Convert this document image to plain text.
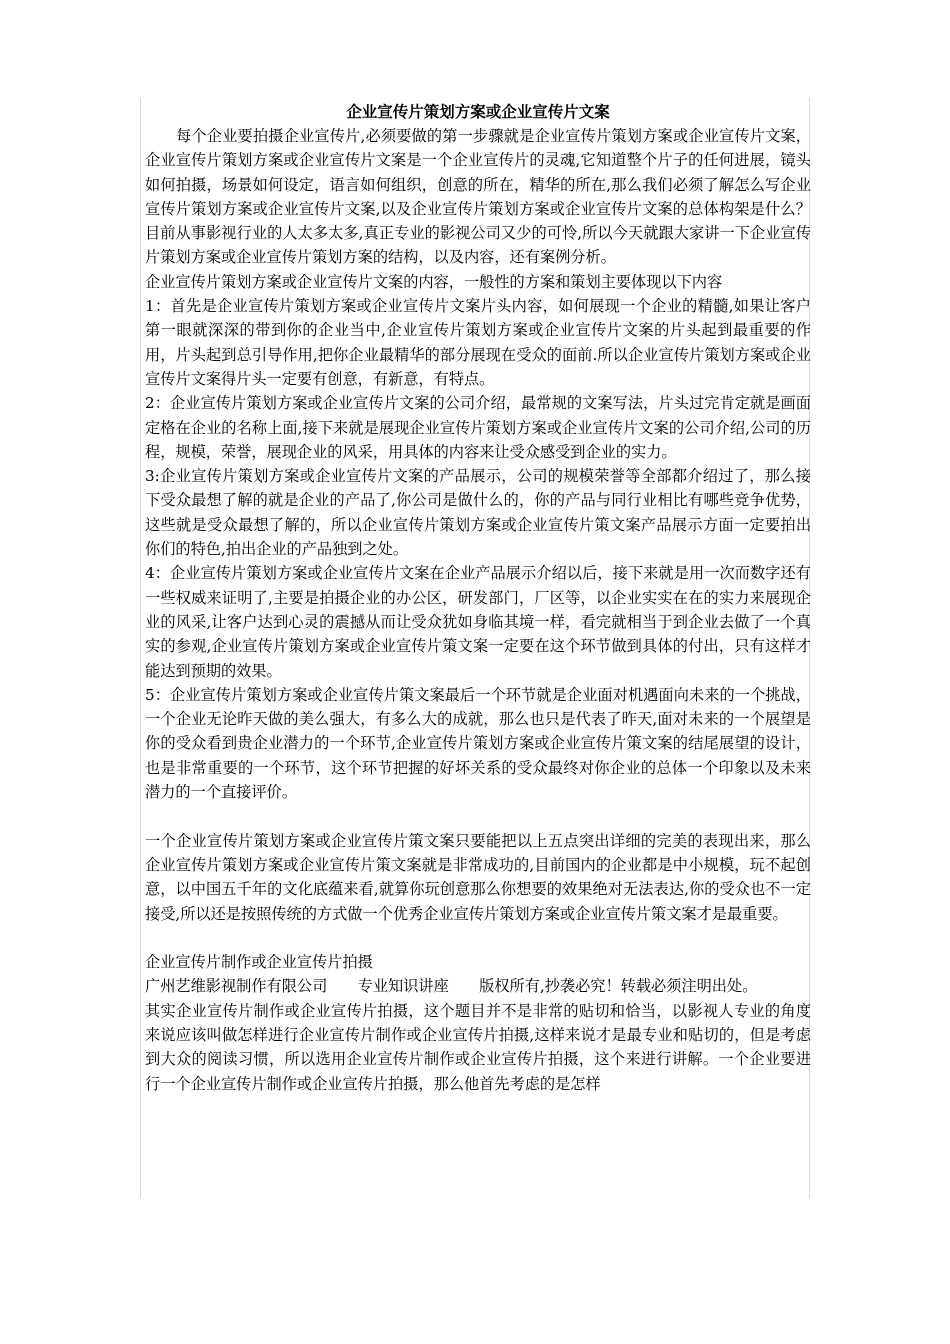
企业宣传片策划方案或企业宣传片文案

每个企业要拍摄企业宣传片,必须要做的第一步骤就是企业宣传片策划方案或企业宣传片文案，企业宣传片策划方案或企业宣传片文案是一个企业宣传片的灵魂,它知道整个片子的任何进展，镜头如何拍摄，场景如何设定，语言如何组织，创意的所在，精华的所在,那么我们必须了解怎么写企业宣传片策划方案或企业宣传片文案,以及企业宣传片策划方案或企业宣传片文案的总体构架是什么？目前从事影视行业的人太多太多,真正专业的影视公司又少的可怜,所以今天就跟大家讲一下企业宣传片策划方案或企业宣传片策划方案的结构，以及内容，还有案例分析。

企业宣传片策划方案或企业宣传片文案的内容，一般性的方案和策划主要体现以下内容

1：首先是企业宣传片策划方案或企业宣传片文案片头内容，如何展现一个企业的精髓,如果让客户第一眼就深深的带到你的企业当中,企业宣传片策划方案或企业宣传片文案的片头起到最重要的作用，片头起到总引导作用,把你企业最精华的部分展现在受众的面前.所以企业宣传片策划方案或企业宣传片文案得片头一定要有创意，有新意，有特点。

2：企业宣传片策划方案或企业宣传片文案的公司介绍，最常规的文案写法，片头过完肯定就是画面定格在企业的名称上面,接下来就是展现企业宣传片策划方案或企业宣传片文案的公司介绍,公司的历程，规模，荣誉，展现企业的风采，用具体的内容来让受众感受到企业的实力。

3:企业宣传片策划方案或企业宣传片文案的产品展示，公司的规模荣誉等全部都介绍过了，那么接下受众最想了解的就是企业的产品了,你公司是做什么的，你的产品与同行业相比有哪些竞争优势，这些就是受众最想了解的，所以企业宣传片策划方案或企业宣传片策文案产品展示方面一定要拍出你们的特色,拍出企业的产品独到之处。

4：企业宣传片策划方案或企业宣传片文案在企业产品展示介绍以后，接下来就是用一次而数字还有一些权威来证明了,主要是拍摄企业的办公区，研发部门，厂区等，以企业实实在在的实力来展现企业的风采,让客户达到心灵的震撼从而让受众犹如身临其境一样，看完就相当于到企业去做了一个真实的参观,企业宣传片策划方案或企业宣传片策文案一定要在这个环节做到具体的付出，只有这样才能达到预期的效果。

5：企业宣传片策划方案或企业宣传片策文案最后一个环节就是企业面对机遇面向未来的一个挑战，一个企业无论昨天做的美么强大，有多么大的成就，那么也只是代表了昨天,面对未来的一个展望是你的受众看到贵企业潜力的一个环节,企业宣传片策划方案或企业宣传片策文案的结尾展望的设计，也是非常重要的一个环节，这个环节把握的好坏关系的受众最终对你企业的总体一个印象以及未来潜力的一个直接评价。

一个企业宣传片策划方案或企业宣传片策文案只要能把以上五点突出详细的完美的表现出来，那么企业宣传片策划方案或企业宣传片策文案就是非常成功的,目前国内的企业都是中小规模，玩不起创意，以中国五千年的文化底蕴来看,就算你玩创意那么你想要的效果绝对无法表达,你的受众也不一定接受,所以还是按照传统的方式做一个优秀企业宣传片策划方案或企业宣传片策文案才是最重要。

企业宣传片制作或企业宣传片拍摄

广州艺维影视制作有限公司　　专业知识讲座　　版权所有,抄袭必究！转载必须注明出处。

其实企业宣传片制作或企业宣传片拍摄，这个题目并不是非常的贴切和恰当，以影视人专业的角度来说应该叫做怎样进行企业宣传片制作或企业宣传片拍摄,这样来说才是最专业和贴切的，但是考虑到大众的阅读习惯，所以选用企业宣传片制作或企业宣传片拍摄，这个来进行讲解。一个企业要进行一个企业宣传片制作或企业宣传片拍摄，那么他首先考虑的是怎样
